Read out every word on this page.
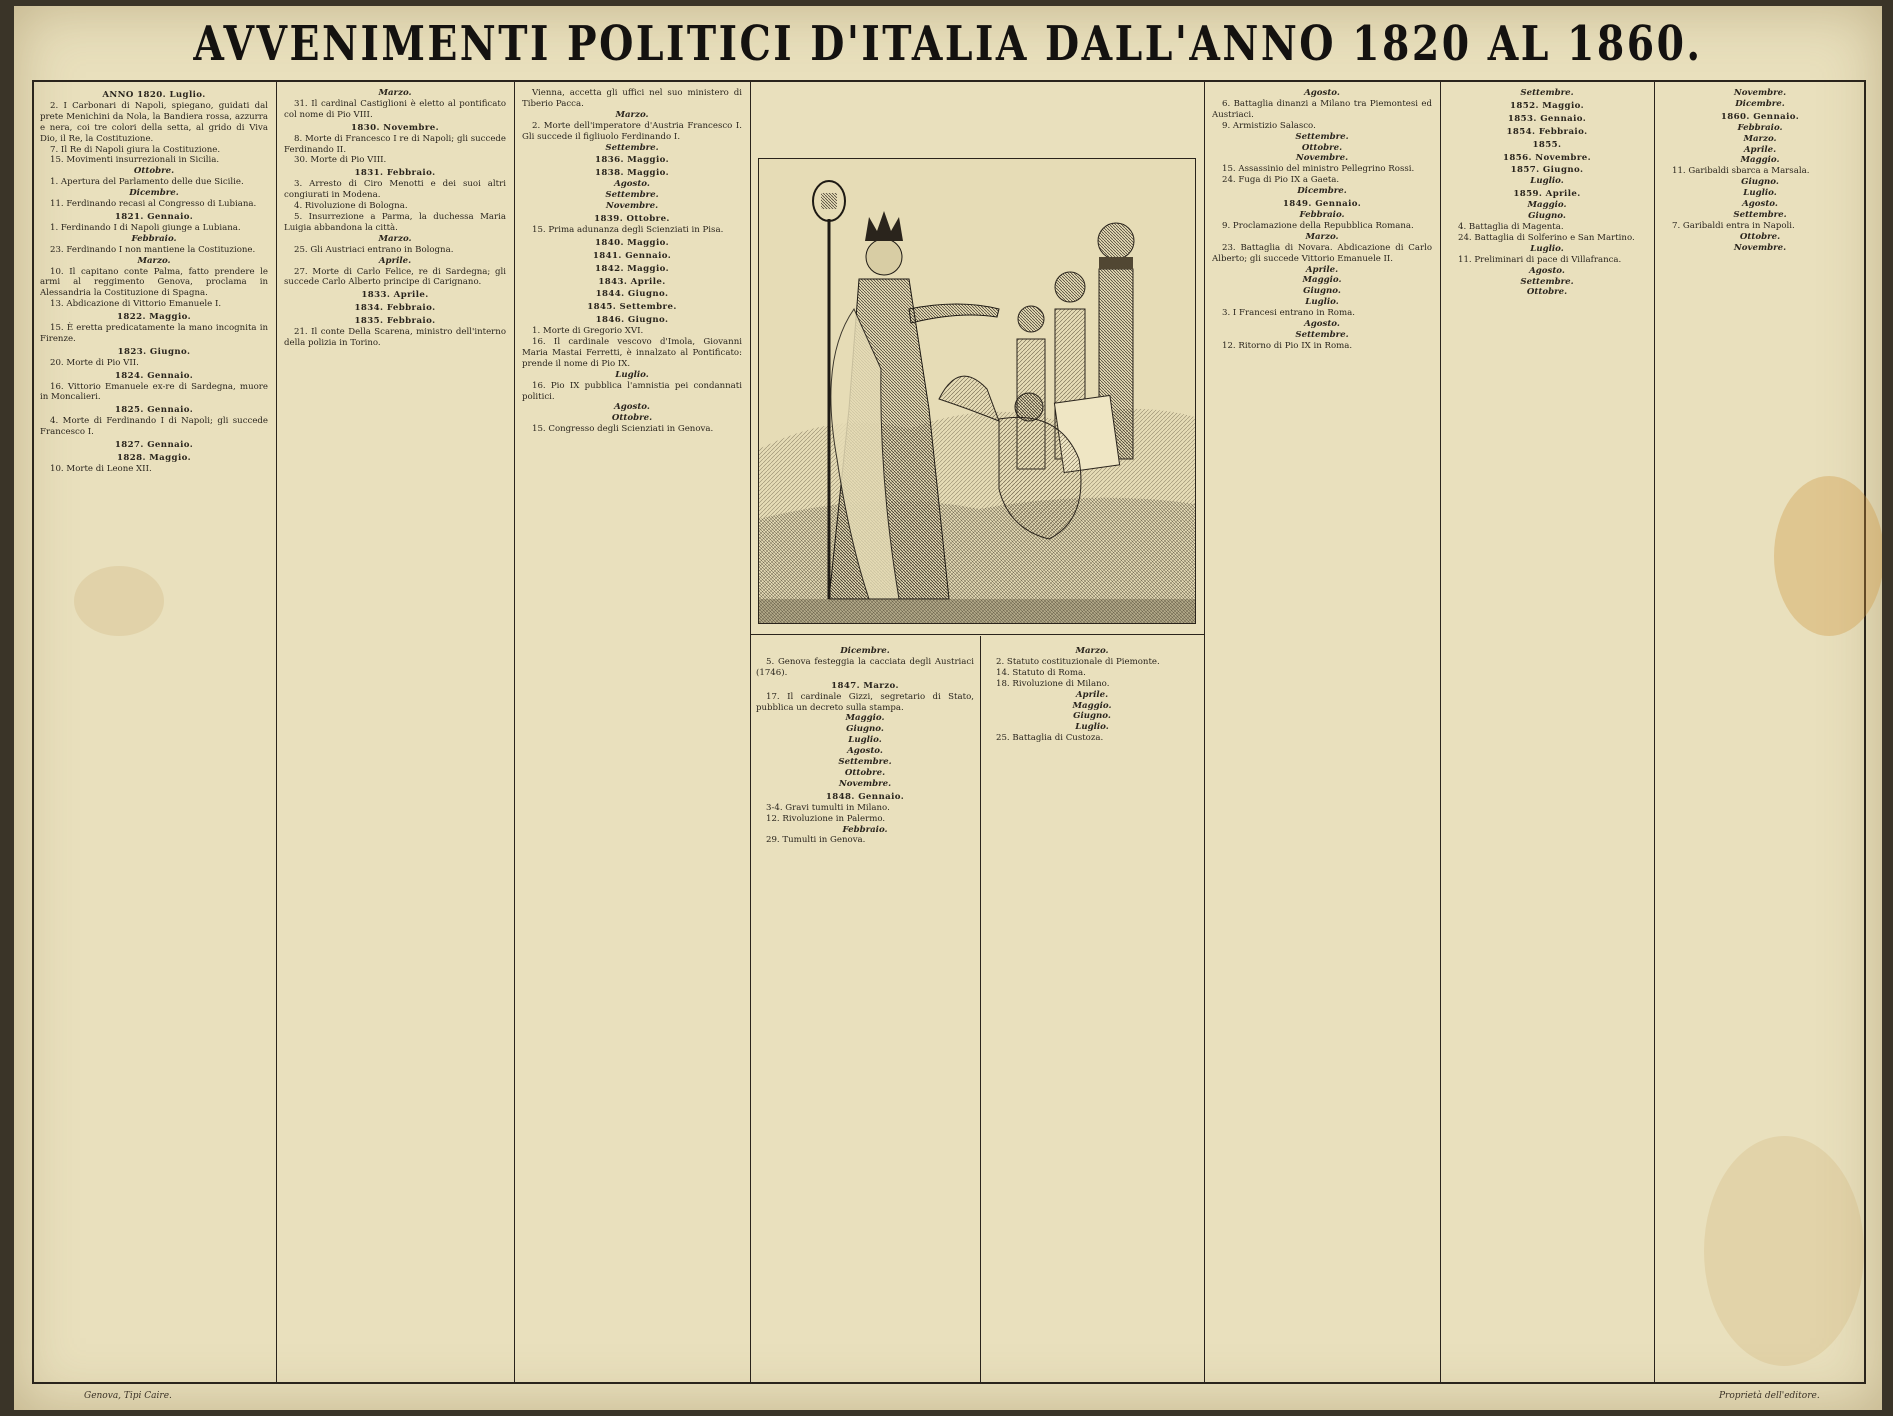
AVVENIMENTI POLITICI D'ITALIA DALL'ANNO 1820 AL 1860.
ANNO 1820. Luglio.

2. I Carbonari di Napoli, spiegano, guidati dal prete Menichini da Nola, la Bandiera rossa, azzurra e nera, coi tre colori della setta, al grido di Viva Dio, il Re, la Costituzione.

7. Il Re di Napoli giura la Costituzione.

15. Movimenti insurrezionali in Sicilia.

Ottobre.

1. Apertura del Parlamento delle due Sicilie.

Dicembre.

11. Ferdinando recasi al Congresso di Lubiana.

1821. Gennaio.

1. Ferdinando I di Napoli giunge a Lubiana.

Febbraio.

23. Ferdinando I non mantiene la Costituzione.

Marzo.

10. Il capitano conte Palma, fatto prendere le armi al reggimento Genova, proclama in Alessandria la Costituzione di Spagna.

13. Abdicazione di Vittorio Emanuele I.

1822. Maggio.

15. È eretta predicatamente la mano incognita in Firenze.

1823. Giugno.

20. Morte di Pio VII.

1824. Gennaio.

16. Vittorio Emanuele ex-re di Sardegna, muore in Moncalieri.

1825. Gennaio.

4. Morte di Ferdinando I di Napoli; gli succede Francesco I.

1827. Gennaio.
1828. Maggio.

10. Morte di Leone XII.

Marzo.

31. Il cardinal Castiglioni è eletto al pontificato col nome di Pio VIII.

1830. Novembre.

8. Morte di Francesco I re di Napoli; gli succede Ferdinando II.

30. Morte di Pio VIII.

1831. Febbraio.

3. Arresto di Ciro Menotti e dei suoi altri congiurati in Modena.

4. Rivoluzione di Bologna.

5. Insurrezione a Parma, la duchessa Maria Luigia abbandona la città.

Marzo.

25. Gli Austriaci entrano in Bologna.

Aprile.

27. Morte di Carlo Felice, re di Sardegna; gli succede Carlo Alberto principe di Carignano.

1833. Aprile.
1834. Febbraio.
1835. Febbraio.

21. Il conte Della Scarena, ministro dell'interno della polizia in Torino.

Vienna, accetta gli uffici nel suo ministero di Tiberio Pacca.

Marzo.

2. Morte dell'imperatore d'Austria Francesco I. Gli succede il figliuolo Ferdinando I.

Settembre.
1836. Maggio.
1838. Maggio.
Agosto.
Settembre.
Novembre.
1839. Ottobre.

15. Prima adunanza degli Scienziati in Pisa.

1840. Maggio.
1841. Gennaio.
1842. Maggio.
1843. Aprile.
1844. Giugno.
1845. Settembre.
1846. Giugno.

1. Morte di Gregorio XVI.

16. Il cardinale vescovo d'Imola, Giovanni Maria Mastai Ferretti, è innalzato al Pontificato: prende il nome di Pio IX.

Luglio.

16. Pio IX pubblica l'amnistia pei condannati politici.

Agosto.
Ottobre.

15. Congresso degli Scienziati in Genova.

Dicembre.

5. Genova festeggia la cacciata degli Austriaci (1746).

1847. Marzo.

17. Il cardinale Gizzi, segretario di Stato, pubblica un decreto sulla stampa.

Maggio.
Giugno.
Luglio.
Agosto.
Settembre.
Ottobre.
Novembre.
1848. Gennaio.

3-4. Gravi tumulti in Milano.

12. Rivoluzione in Palermo.

Febbraio.

29. Tumulti in Genova.

Marzo.

2. Statuto costituzionale di Piemonte.

14. Statuto di Roma.

18. Rivoluzione di Milano.

Aprile.
Maggio.
Giugno.
Luglio.

25. Battaglia di Custoza.

Agosto.

6. Battaglia dinanzi a Milano tra Piemontesi ed Austriaci.

9. Armistizio Salasco.

Settembre.
Ottobre.
Novembre.

15. Assassinio del ministro Pellegrino Rossi.

24. Fuga di Pio IX a Gaeta.

Dicembre.
1849. Gennaio.
Febbraio.

9. Proclamazione della Repubblica Romana.

Marzo.

23. Battaglia di Novara. Abdicazione di Carlo Alberto; gli succede Vittorio Emanuele II.

Aprile.
Maggio.
Giugno.
Luglio.

3. I Francesi entrano in Roma.

Agosto.
Settembre.

12. Ritorno di Pio IX in Roma.

Settembre.
1852. Maggio.
1853. Gennaio.
1854. Febbraio.
1855.
1856. Novembre.
1857. Giugno.
Luglio.
1859. Aprile.
Maggio.
Giugno.

4. Battaglia di Magenta.

24. Battaglia di Solferino e San Martino.

Luglio.

11. Preliminari di pace di Villafranca.

Agosto.
Settembre.
Ottobre.
Novembre.
Dicembre.
1860. Gennaio.
Febbraio.
Marzo.
Aprile.
Maggio.

11. Garibaldi sbarca a Marsala.

Giugno.
Luglio.
Agosto.
Settembre.

7. Garibaldi entra in Napoli.

Ottobre.
Novembre.
Genova, Tipi Caire.	Proprietà dell'editore.
